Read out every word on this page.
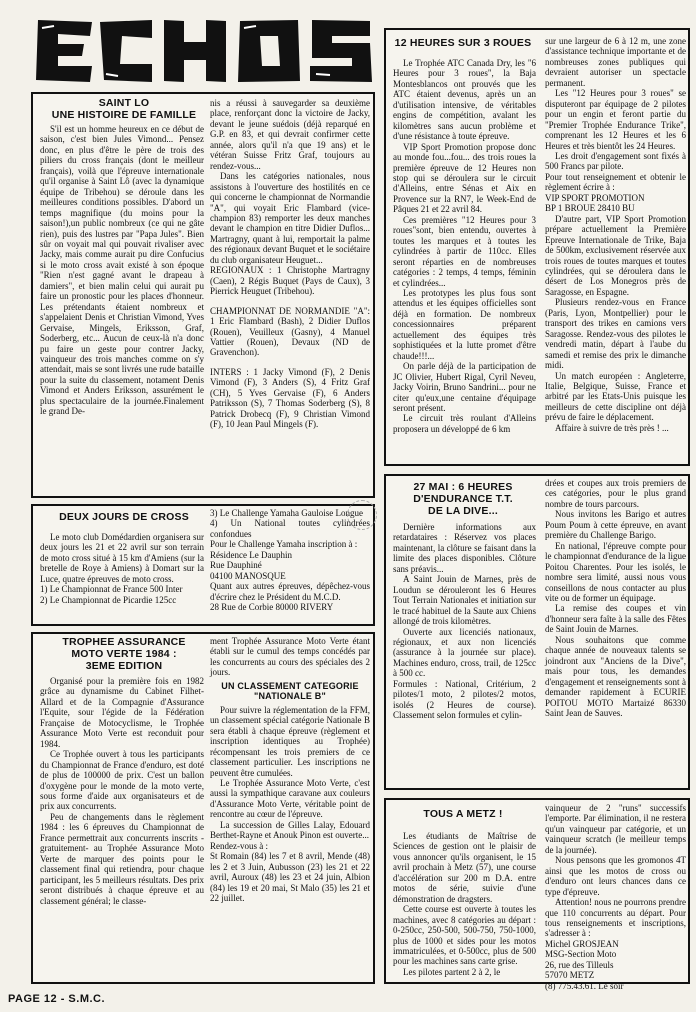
SAINT LO
UNE HISTOIRE DE FAMILLE

S'il est un homme heureux en ce début de saison, c'est bien Jules Vimond... Pensez donc, en plus d'être le père de trois des piliers du cross français (dont le meilleur français), voilà que l'épreuve internationale qu'il organise à Saint Lô (avec la dynamique équipe de Tribehou) se déroule dans les meilleures conditions possibles. D'abord un temps magnifique (du moins pour la saison!),un public nombreux (ce qui ne gâte rien), puis des lustres par "Papa Jules". Bien sûr on voyait mal qui pouvait rivaliser avec Jacky, mais comme aurait pu dire Confucius si le moto cross avait existé à son époque "Rien n'est gagné avant le drapeau à damiers", et bien malin celui qui aurait pu faire un pronostic pour les places d'honneur. Les prétendants étaient nombreux et s'appelaient Denis et Christian Vimond, Yves Gervaise, Mingels, Eriksson, Graf, Soderberg, etc... Aucun de ceux-là n'a donc pu faire un geste pour contrer Jacky, vainqueur des trois manches comme on s'y attendait, mais se sont livrés une rude bataille pour la suite du classement, notament Denis Vimond et Anders Eriksson, assurément le plus spectaculaire de la journée.Finalement le grand De-

nis a réussi à sauvegarder sa deuxième place, renforçant donc la victoire de Jacky, devant le jeune suédois (déjà reparqué en G.P. en 83, et qui devrait confirmer cette année, alors qu'il n'a que 19 ans) et le vétéran Suisse Fritz Graf, toujours au rendez-vous...

Dans les catégories nationales, nous assistons à l'ouverture des hostilités en ce qui concerne le championnat de Normandie "A", qui voyait Eric Flambard (vice-champion 83) remporter les deux manches devant le champion en titre Didier Duflos... Martragny, quant à lui, remportait la palme des régionaux devant Buquet et le sociétaire du club organisateur Heuguet...

REGIONAUX : 1 Christophe Martragny (Caen), 2 Régis Buquet (Pays de Caux), 3 Pierrick Heuguet (Tribehou).

CHAMPIONNAT DE NORMANDIE "A": 1 Eric Flambard (Bash), 2 Didier Duflos (Rouen), Veuilleux (Gasny), 4 Manuel Vattier (Rouen), Devaux (ND de Gravenchon).

INTERS : 1 Jacky Vimond (F), 2 Denis Vimond (F), 3 Anders (S), 4 Fritz Graf (CH), 5 Yves Gervaise (F), 6 Anders Patriksson (S), 7 Thomas Soderberg (S), 8 Patrick Drobecq (F), 9 Christian Vimond (F), 10 Jean Paul Mingels (F).

DEUX JOURS DE CROSS

Le moto club Domédardien organisera sur deux jours les 21 et 22 avril sur son terrain de moto cross situé à 15 km d'Amiens (sur la bretelle de Roye à Amiens) à Domart sur la Luce, quatre épreuves de moto cross.

1) Le Championnat de France 500 Inter

2) Le Championnat de Picardie 125cc

3) Le Challenge Yamaha Gauloise Longue

4) Un National toutes cylindrées confondues

Pour le Challenge Yamaha inscription à :

Résidence Le Dauphin

Rue Dauphiné

04100 MANOSQUE

Quant aux autres épreuves, dépêchez-vous d'écrire chez le Président du M.C.D.

28 Rue de Corbie 80000 RIVERY

TROPHEE ASSURANCE
MOTO VERTE 1984 :
3EME EDITION

Organisé pour la première fois en 1982 grâce au dynamisme du Cabinet Filhet-Allard et de la Compagnie d'Assurance l'Equite, sour l'égide de la Fédération Française de Motocyclisme, le Trophée Assurance Moto Verte est reconduit pour 1984.

Ce Trophée ouvert à tous les participants du Championnat de France d'enduro, est doté de plus de 100000 de prix. C'est un ballon d'oxygène pour le monde de la moto verte, sous forme d'aide aux organisateurs et de prix aux concurrents.

Peu de changements dans le règlement 1984 : les 6 épreuves du Championnat de France permettrait aux concurrents inscrits - gratuitement- au Trophée Assurance Moto Verte de marquer des points pour le classement final qui retiendra, pour chaque participant, les 5 meilleurs résultats. Des prix seront distribués à chaque épreuve et au classement général; le classe-

ment Trophée Assurance Moto Verte étant établi sur le cumul des temps concédés par les concurrents au cours des spéciales des 2 jours.

UN CLASSEMENT CATEGORIE
"NATIONALE B"

Pour suivre la réglementation de la FFM, un classement spécial catégorie Nationale B sera établi à chaque épreuve (règlement et inscription identiques au Trophée) récompensant les trois premiers de ce classement particulier. Les inscriptions ne peuvent être cumulées.

Le Trophée Assurance Moto Verte, c'est aussi la sympathique caravane aux couleurs d'Assurance Moto Verte, véritable point de rencontre au cœur de l'épreuve.

La succession de Gilles Lalay, Edouard Berthet-Rayne et Anouk Pinon est ouverte...

Rendez-vous à :

St Romain (84) les 7 et 8 avril, Mende (48) les 2 et 3 Juin, Aubusson (23) les 21 et 22 avril, Auroux (48) les 23 et 24 juin, Albion (84) les 19 et 20 mai, St Malo (35) les 21 et 22 juillet.

12 HEURES SUR 3 ROUES

Le Trophée ATC Canada Dry, les "6 Heures pour 3 roues", la Baja Montesblancos ont prouvés que les ATC étaient devenus, après un an d'utilisation intensive, de véritables engins de compétition, avalant les kilomètres sans aucun problème et d'une résistance à toute épreuve.

VIP Sport Promotion propose donc au monde fou...fou... des trois roues la première épreuve de 12 Heures non stop qui se déroulera sur le circuit d'Alleins, entre Sénas et Aix en Provence sur la RN7, le Week-End de Pâques 21 et 22 avril 84.

Ces premières "12 Heures pour 3 roues"sont, bien entendu, ouvertes à toutes les marques et à toutes les cylindrées à partir de 110cc. Elles seront réparties en de nombreuses catégories : 2 temps, 4 temps, féminin et cylindrées...

Les prototypes les plus fous sont attendus et les équipes officielles sont déjà en formation. De nombreux concessionnaires préparent actuellement des équipes très sophistiquées et la lutte promet d'être chaude!!!...

On parle déjà de la participation de JC Olivier, Hubert Rigal, Cyril Neveu, Jacky Voirin, Bruno Sandrini... pour ne citer qu'eux,une centaine d'équipage seront présent.

Le circuit très roulant d'Alleins proposera un développé de 6 km

sur une largeur de 6 à 12 m, une zone d'assistance technique importante et de nombreuses zones publiques qui devraient autoriser un spectacle permanent.

Les "12 Heures pour 3 roues" se disputeront par équipage de 2 pilotes pour un engin et feront partie du "Premier Trophée Endurance Trike", comprenant les 12 Heures et les 6 Heures et très bientôt les 24 Heures.

Les droit d'engagement sont fixés à 500 Francs par pilote.

Pour tout renseignement et obtenir le règlement écrire à :

VIP SPORT PROMOTION

BP 1 BROUE 28410 BU

D'autre part, VIP Sport Promotion prépare actuellement la Première Epreuve Internationale de Trike, Baja de 500km, exclusivement réservée aux trois roues de toutes marques et toutes cylindrées, qui se déroulera dans le désert de Los Monegros près de Saragosse, en Espagne.

Plusieurs rendez-vous en France (Paris, Lyon, Montpellier) pour le transport des trikes en camions vers Saragosse. Rendez-vous des pilotes le vendredi matin, départ à l'aube du samedi et remise des prix le dimanche midi.

Un match européen : Angleterre, Italie, Belgique, Suisse, France et arbitré par les Etats-Unis puisque les meilleurs de cette discipline ont déjà prévu de faire le déplacement.

Affaire à suivre de très près ! ...

27 MAI : 6 HEURES
D'ENDURANCE T.T.
DE LA DIVE...

Dernière informations aux retardataires : Réservez vos places maintenant, la clôture se faisant dans la limite des places disponibles. Clôture sans préavis...

A Saint Jouin de Marnes, près de Loudun se dérouleront les 6 Heures Tout Terrain Nationales et initiation sur le tracé habituel de la Saute aux Chiens allongé de trois kilomètres.

Ouverte aux licenciés nationaux, régionaux, et aux non licenciés (assurance à la journée sur place). Machines enduro, cross, trail, de 125cc à 500 cc.

Formules : National, Critérium, 2 pilotes/1 moto, 2 pilotes/2 motos, isolés (2 Heures de course). Classement selon formules et cylin-

drées et coupes aux trois premiers de ces catégories, pour le plus grand nombre de tours parcours.

Nous invitons les Barigo et autres Poum Poum à cette épreuve, en avant première du Challenge Barigo.

En national, l'épreuve compte pour le championnat d'endurance de la ligue Poitou Charentes. Pour les isolés, le nombre sera limité, aussi nous vous conseillons de nous contacter au plus vite ou de former un équipage.

La remise des coupes et vin d'honneur sera faîte à la salle des Fêtes de Saint Jouin de Marnes.

Nous souhaitons que comme chaque année de nouveaux talents se joindront aux "Anciens de la Dive", mais pour tous, les demandes d'engagement et renseignements sont à demander rapidement à ECURIE POITOU MOTO Martaizé 86330 Saint Jean de Sauves.

TOUS A METZ !

Les étudiants de Maîtrise de Sciences de gestion ont le plaisir de vous annoncer qu'ils organisent, le 15 avril prochain à Metz (57), une course d'accélération sur 200 m D.A. entre motos de série, suivie d'une démonstration de dragsters.

Cette course est ouverte à toutes les machines, avec 8 catégories au départ : 0-250cc, 250-500, 500-750, 750-1000, plus de 1000 et sides pour les motos immatriculées, et 0-500cc, plus de 500 pour les machines sans carte grise.

Les pilotes partent 2 à 2, le

vainqueur de 2 "runs" successifs l'emporte. Par élimination, il ne restera qu'un vainqueur par catégorie, et un vainqueur scratch (le meilleur temps de la journée).

Nous pensons que les gromonos 4T ainsi que les motos de cross ou d'enduro ont leurs chances dans ce type d'épreuve.

Attention! nous ne pourrons prendre que 110 concurrents au départ. Pour tous renseignements et inscriptions, s'adresser à :

Michel GROSJEAN

MSG-Section Moto

26, rue des Tilleuls

57070 METZ

(8) 775.43.61. Le soir

PAGE 12 - S.M.C.
